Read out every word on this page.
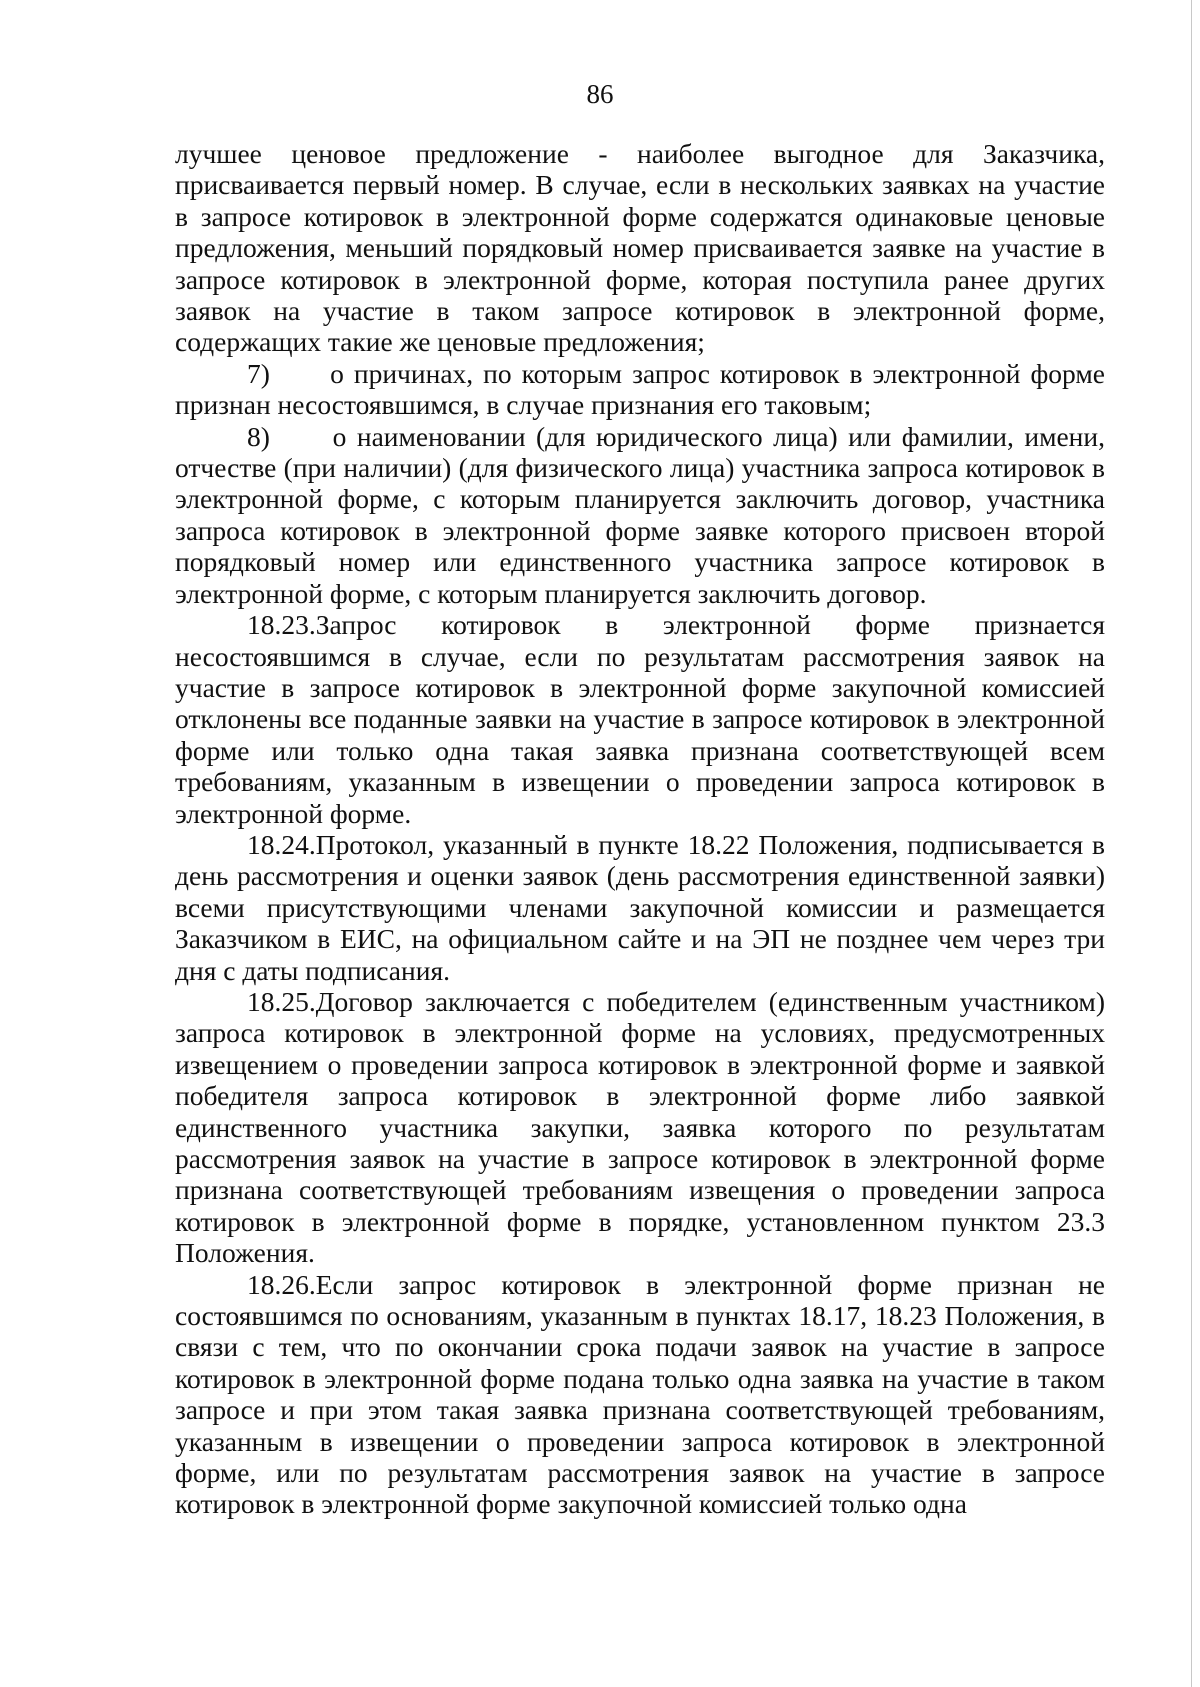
86

лучшее ценовое предложение - наиболее выгодное для Заказчика, присваивается первый номер. В случае, если в нескольких заявках на участие в запросе котировок в электронной форме содержатся одинаковые ценовые предложения, меньший порядковый номер присваивается заявке на участие в запросе котировок в электронной форме, которая поступила ранее других заявок на участие в таком запросе котировок в электронной форме, содержащих такие же ценовые предложения;

7)      о причинах, по которым запрос котировок в электронной форме признан несостоявшимся, в случае признания его таковым;

8)      о наименовании (для юридического лица) или фамилии, имени, отчестве (при наличии) (для физического лица) участника запроса котировок в электронной форме, с которым планируется заключить договор, участника запроса котировок в электронной форме заявке которого присвоен второй порядковый номер или единственного участника запросе котировок в электронной форме, с которым планируется заключить договор.

18.23.Запрос котировок в электронной форме признается несостоявшимся в случае, если по результатам рассмотрения заявок на участие в запросе котировок в электронной форме закупочной комиссией отклонены все поданные заявки на участие в запросе котировок в электронной форме или только одна такая заявка признана соответствующей всем требованиям, указанным в извещении о проведении запроса котировок в электронной форме.

18.24.Протокол, указанный в пункте 18.22 Положения, подписывается в день рассмотрения и оценки заявок (день рассмотрения единственной заявки) всеми присутствующими членами закупочной комиссии и размещается Заказчиком в ЕИС, на официальном сайте и на ЭП не позднее чем через три дня с даты подписания.

18.25.Договор заключается с победителем (единственным участником) запроса котировок в электронной форме на условиях, предусмотренных извещением о проведении запроса котировок в электронной форме и заявкой победителя запроса котировок в электронной форме либо заявкой единственного участника закупки, заявка которого по результатам рассмотрения заявок на участие в запросе котировок в электронной форме признана соответствующей требованиям извещения о проведении запроса котировок в электронной форме в порядке, установленном пунктом 23.3 Положения.

18.26.Если запрос котировок в электронной форме признан не состоявшимся по основаниям, указанным в пунктах 18.17, 18.23 Положения, в связи с тем, что по окончании срока подачи заявок на участие в запросе котировок в электронной форме подана только одна заявка на участие в таком запросе и при этом такая заявка признана соответствующей требованиям, указанным в извещении о проведении запроса котировок в электронной форме, или по результатам рассмотрения заявок на участие в запросе котировок в электронной форме закупочной комиссией только одна
